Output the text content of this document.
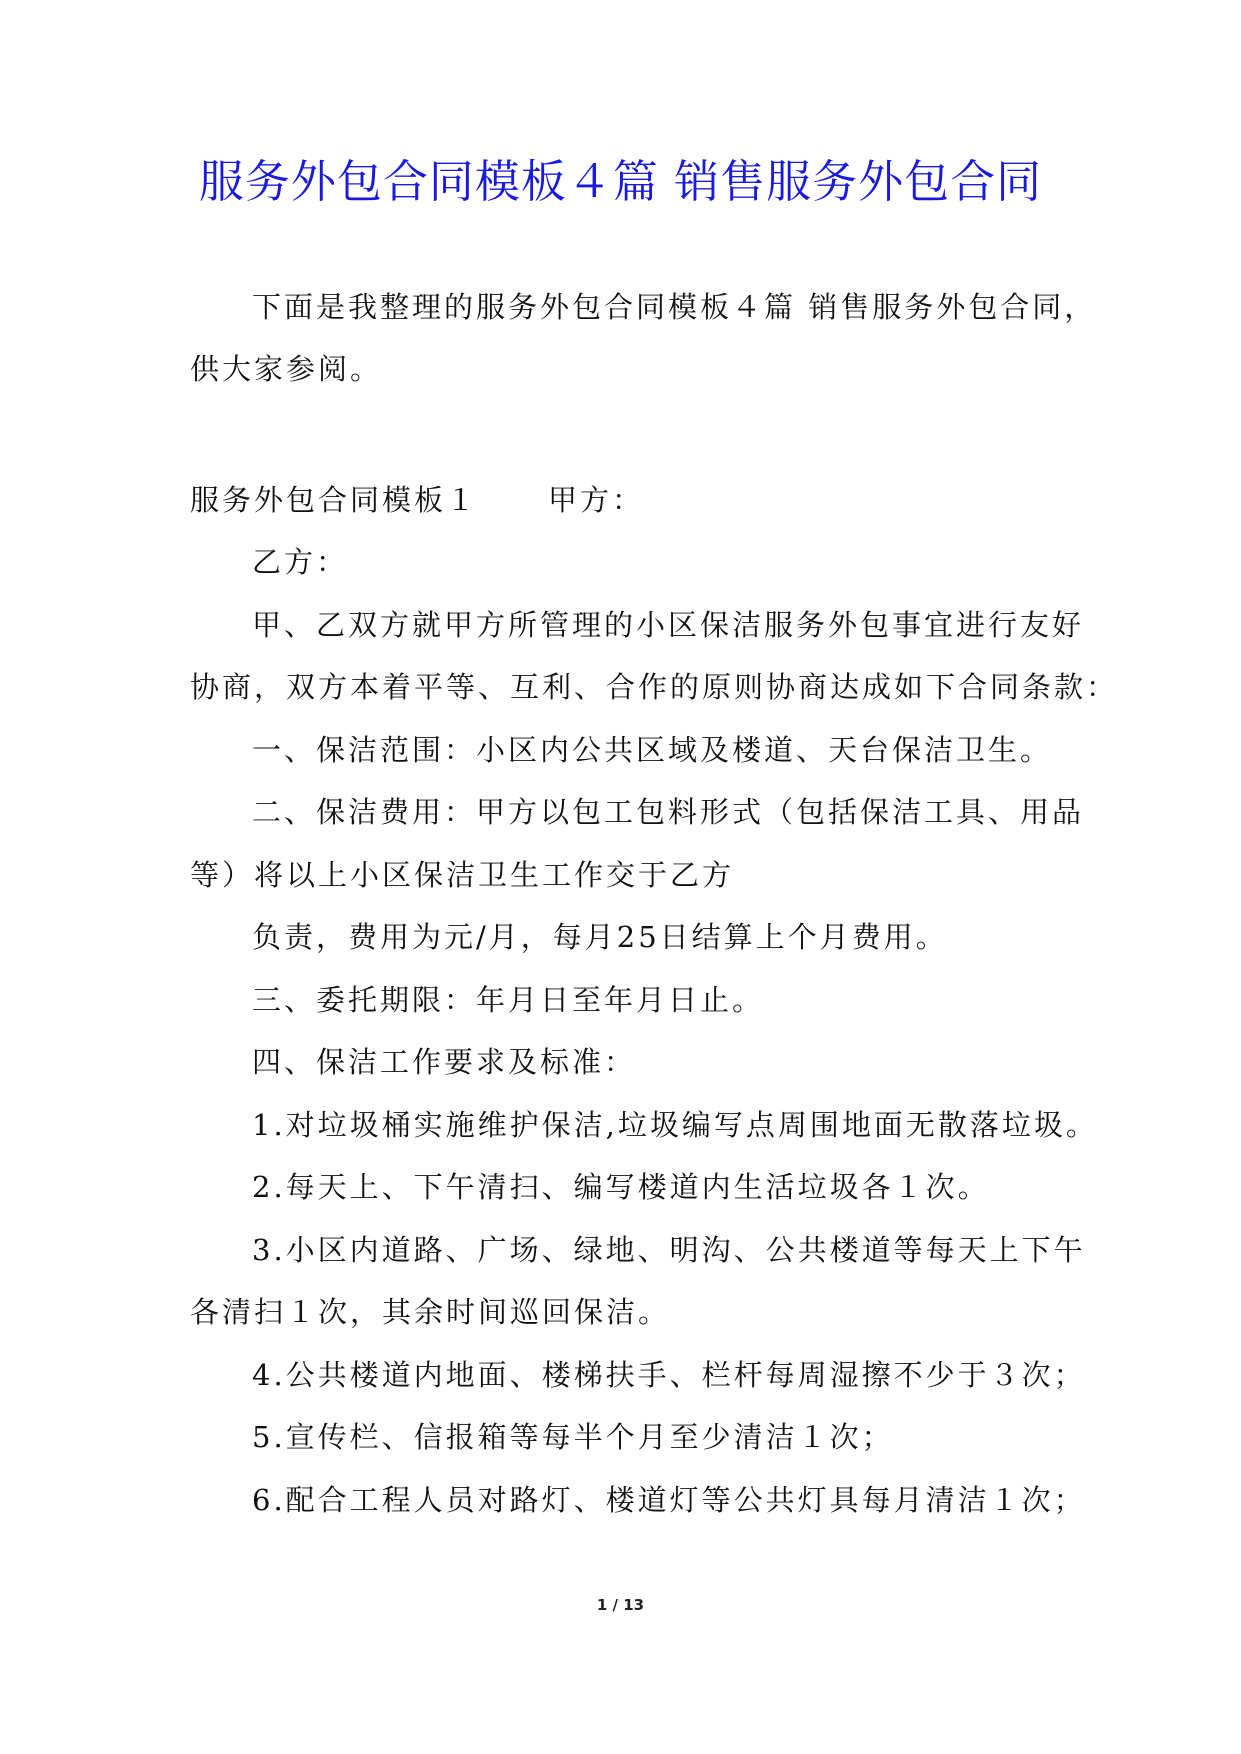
服务外包合同模板４篇 销售服务外包合同
下面是我整理的服务外包合同模板４篇 销售服务外包合同，
供大家参阅。
服务外包合同模板１ 甲方：
乙方：
甲、乙双方就甲方所管理的小区保洁服务外包事宜进行友好
协商，双方本着平等、互利、合作的原则协商达成如下合同条款：
一、保洁范围：小区内公共区域及楼道、天台保洁卫生。
二、保洁费用：甲方以包工包料形式（包括保洁工具、用品
等）将以上小区保洁卫生工作交于乙方
负责，费用为元/月，每月25日结算上个月费用。
三、委托期限：年月日至年月日止。
四、保洁工作要求及标准：
1.对垃圾桶实施维护保洁,垃圾编写点周围地面无散落垃圾。
2.每天上、下午清扫、编写楼道内生活垃圾各１次。
3.小区内道路、广场、绿地、明沟、公共楼道等每天上下午
各清扫１次，其余时间巡回保洁。
4.公共楼道内地面、楼梯扶手、栏杆每周湿擦不少于３次；
5.宣传栏、信报箱等每半个月至少清洁１次；
6.配合工程人员对路灯、楼道灯等公共灯具每月清洁１次；
1 / 13
